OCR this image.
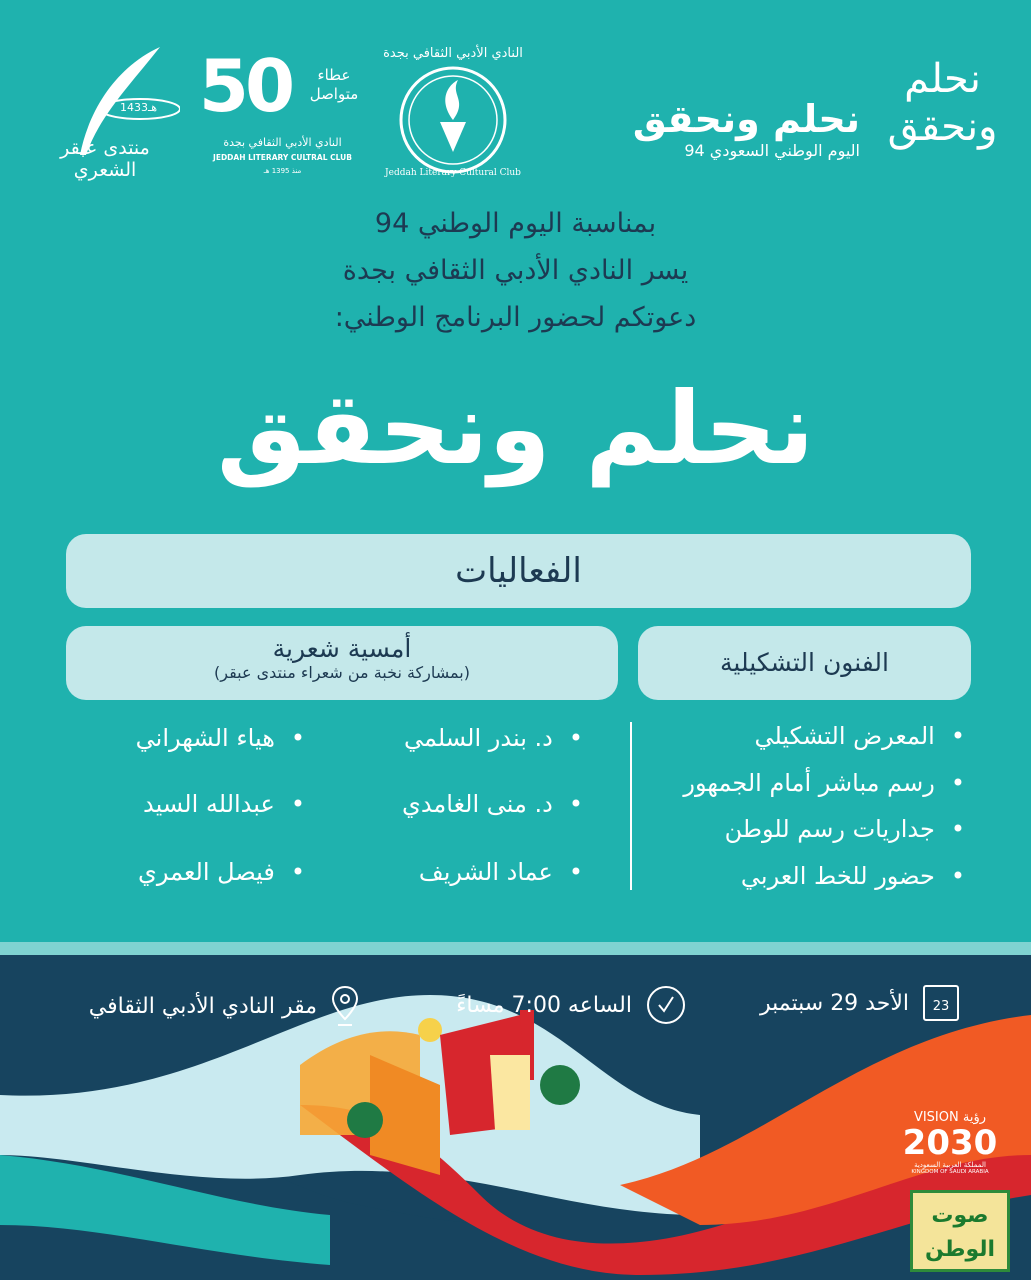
1433هـ
منتدى عبقر الشعري
50	عطاء متواصل
النادي الأدبي الثقافي بجدة
JEDDAH LITERARY CULTRAL CLUB
منذ 1395 هـ
النادي الأدبي الثقافي بجدة
Jeddah Literary Cultural Club
نحلم ونحقق
اليوم الوطني السعودي 94
نحلم ونحقق
بمناسبة اليوم الوطني 94
يسر النادي الأدبي الثقافي بجدة
دعوتكم لحضور البرنامج الوطني:
نحلم ونحقق
الفعاليات
الفنون التشكيلية
أمسية شعرية
(بمشاركة نخبة من شعراء منتدى عبقر)
• المعرض التشكيلي
• رسم مباشر أمام الجمهور
• جداريات رسم للوطن
• حضور للخط العربي
• د. بندر السلمي
• د. منى الغامدي
• عماد الشريف
• هياء الشهراني
• عبدالله السيد
• فيصل العمري
23
الأحد 29 سبتمبر
الساعه 7:00 مساءً
مقر النادي الأدبي الثقافي
VISION رؤية
2030
المملكة العربية السعودية
KINGDOM OF SAUDI ARABIA
صوت الوطن
